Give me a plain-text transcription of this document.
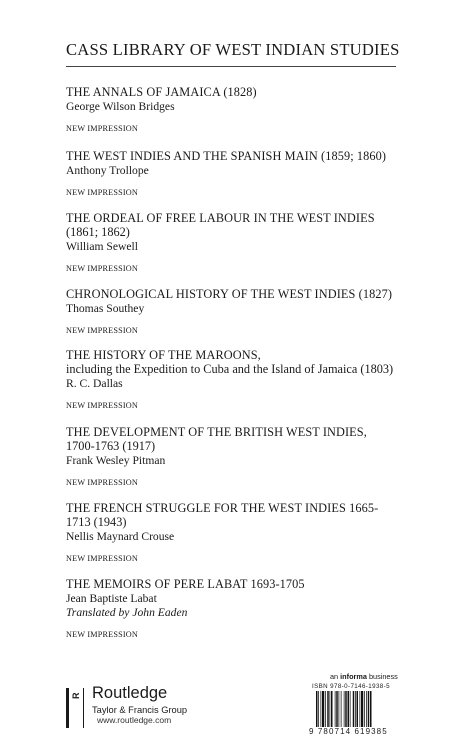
CASS LIBRARY OF WEST INDIAN STUDIES
THE ANNALS OF JAMAICA (1828)
George Wilson Bridges
NEW IMPRESSION
THE WEST INDIES AND THE SPANISH MAIN (1859; 1860)
Anthony Trollope
NEW IMPRESSION
THE ORDEAL OF FREE LABOUR IN THE WEST INDIES
(1861; 1862)
William Sewell
NEW IMPRESSION
CHRONOLOGICAL HISTORY OF THE WEST INDIES (1827)
Thomas Southey
NEW IMPRESSION
THE HISTORY OF THE MAROONS,
including the Expedition to Cuba and the Island of Jamaica (1803)
R. C. Dallas
NEW IMPRESSION
THE DEVELOPMENT OF THE BRITISH WEST INDIES,
1700-1763 (1917)
Frank Wesley Pitman
NEW IMPRESSION
THE FRENCH STRUGGLE FOR THE WEST INDIES 1665-
1713 (1943)
Nellis Maynard Crouse
NEW IMPRESSION
THE MEMOIRS OF PERE LABAT 1693-1705
Jean Baptiste Labat
Translated by John Eaden
NEW IMPRESSION
R Routledge
Taylor & Francis Group
www.routledge.com
an informa business
ISBN 978-0-7146-1938-5
9 780714 619385
